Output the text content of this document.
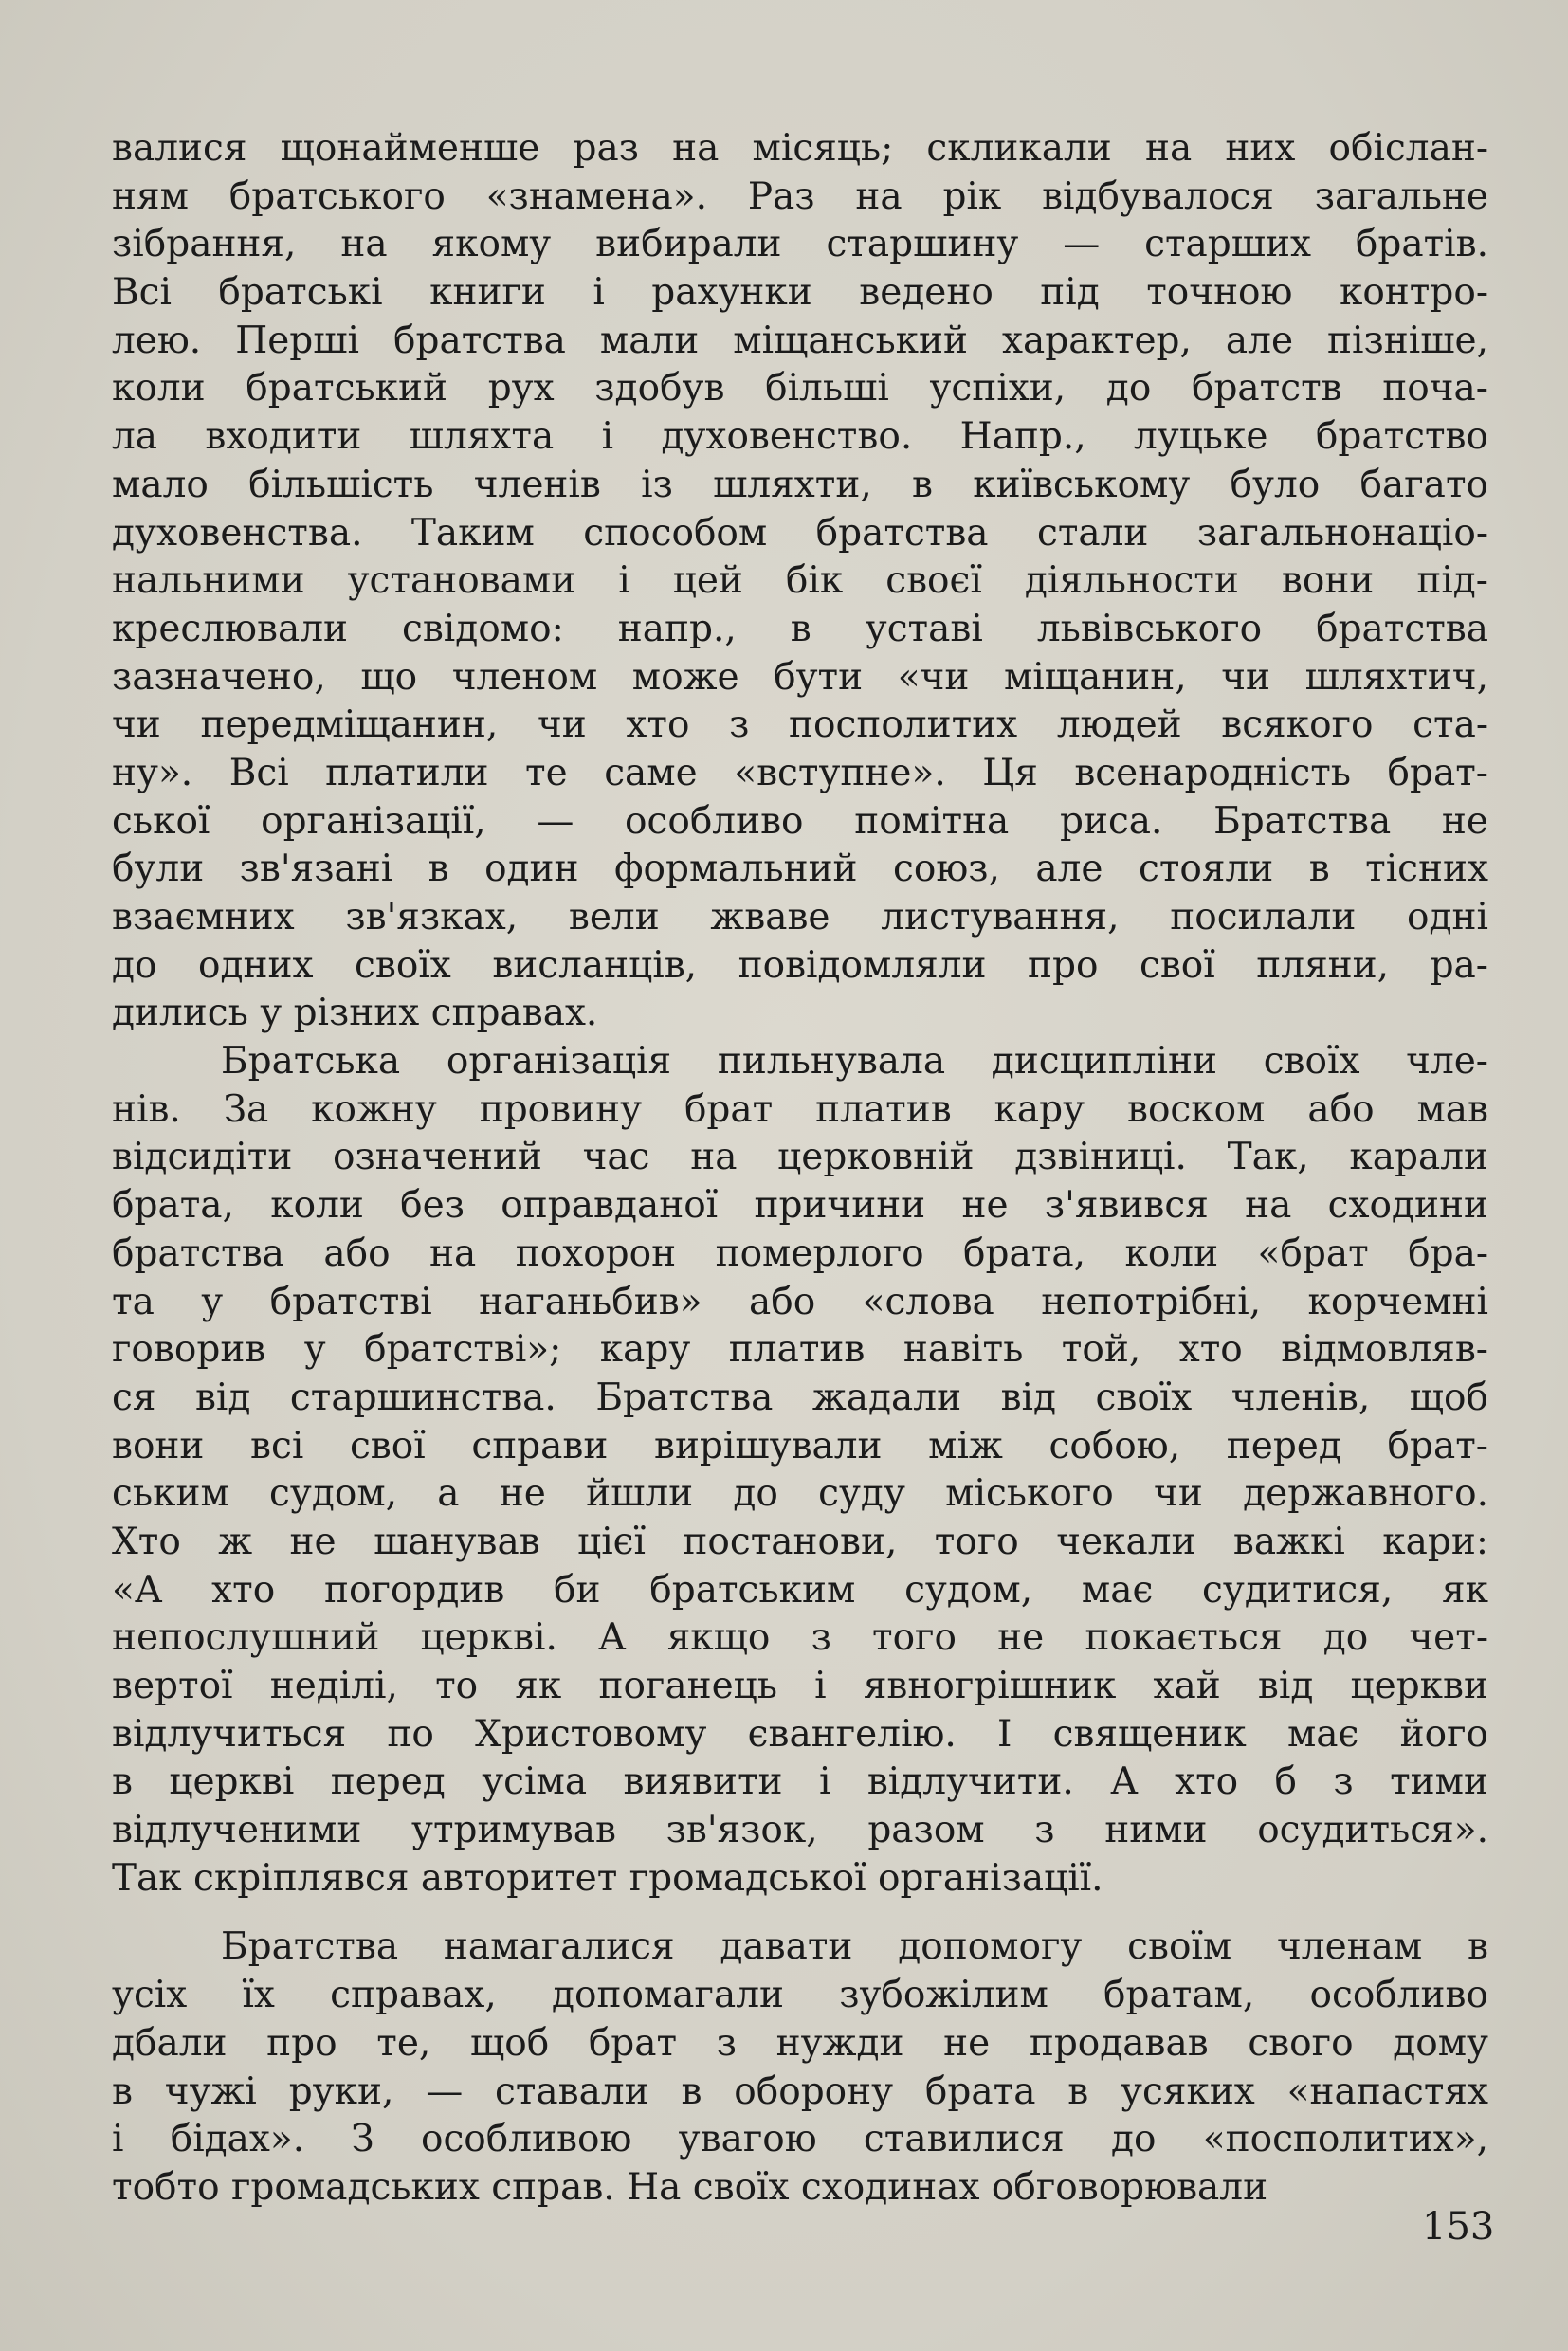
валися щонайменше раз на місяць; скликали на них обіслан-
ням братського «знамена». Раз на рік відбувалося загальне
зібрання, на якому вибирали старшину — старших братів.
Всі братські книги і рахунки ведено під точною контро-
лею. Перші братства мали міщанський характер, але пізніше,
коли братський рух здобув більші успіхи, до братств поча-
ла входити шляхта і духовенство. Напр., луцьке братство
мало більшість членів із шляхти, в київському було багато
духовенства. Таким способом братства стали загальнонаціо-
нальними установами і цей бік своєї діяльности вони під-
креслювали свідомо: напр., в уставі львівського братства
зазначено, що членом може бути «чи міщанин, чи шляхтич,
чи передміщанин, чи хто з посполитих людей всякого ста-
ну». Всі платили те саме «вступне». Ця всенародність брат-
ської організації, — особливо помітна риса. Братства не
були зв'язані в один формальний союз, але стояли в тісних
взаємних зв'язках, вели жваве листування, посилали одні
до одних своїх висланців, повідомляли про свої пляни, ра-
дились у різних справах.
Братська організація пильнувала дисципліни своїх чле-
нів. За кожну провину брат платив кару воском або мав
відсидіти означений час на церковній дзвіниці. Так, карали
брата, коли без оправданої причини не з'явився на сходини
братства або на похорон померлого брата, коли «брат бра-
та у братстві наганьбив» або «слова непотрібні, корчемні
говорив у братстві»; кару платив навіть той, хто відмовляв-
ся від старшинства. Братства жадали від своїх членів, щоб
вони всі свої справи вирішували між собою, перед брат-
ським судом, а не йшли до суду міського чи державного.
Хто ж не шанував цієї постанови, того чекали важкі кари:
«А хто погордив би братським судом, має судитися, як
непослушний церкві. А якщо з того не покається до чет-
вертої неділі, то як поганець і явногрішник хай від церкви
відлучиться по Христовому євангелію. І священик має його
в церкві перед усіма виявити і відлучити. А хто б з тими
відлученими утримував зв'язок, разом з ними осудиться».
Так скріплявся авторитет громадської організації.
Братства намагалися давати допомогу своїм членам в
усіх їх справах, допомагали зубожілим братам, особливо
дбали про те, щоб брат з нужди не продавав свого дому
в чужі руки, — ставали в оборону брата в усяких «напастях
і бідах». З особливою увагою ставилися до «посполитих»,
тобто громадських справ. На своїх сходинах обговорювали
153
